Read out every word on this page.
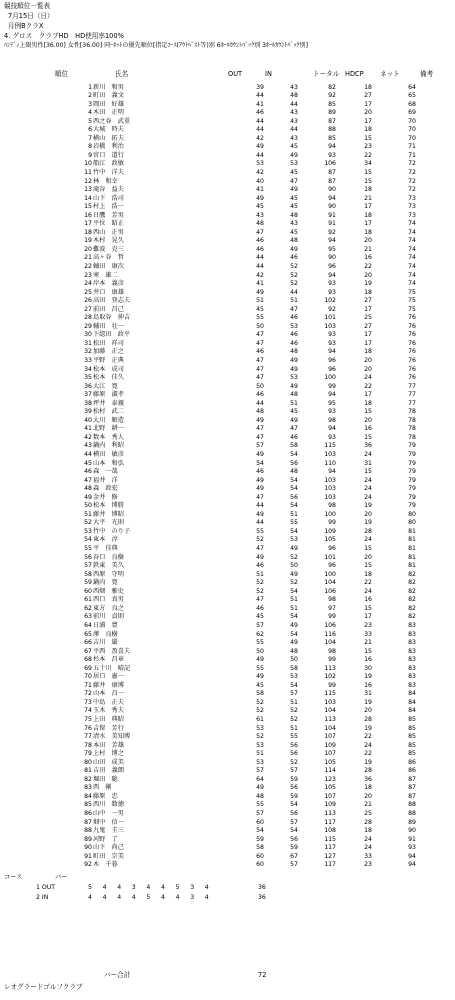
競技順位一覧表
7月15日（日）
月例BクラX
4. グロス　クラブHD　HD使用率100%
ﾊﾝﾃﾞｨ上限男性[36.00] 女性[36.00] 同ｰﾈｯﾄの優先順位[指定ｺｰｽ(ｱｳﾄﾍﾞｽﾄ等)別 6ﾎｰﾙｶｳﾝﾄﾊﾞｯｸ別 3ﾎｰﾙｶｳﾝﾄﾊﾞｯｸ別]
順位	氏名	OUT	IN	トータル HDCP ネット	備考
1 新川　和男	39	43	82	18	64
2 町田　義文	44	48	92	27	65
3 岡田　好雄	41	44	85	17	68
4 木田　正明	46	43	89	20	69
5 西之谷　武重	44	43	87	17	70
6 大城　時夫	44	44	88	18	70
7 横山　拓夫	42	43	85	15	70
8 岩橋　利治	49	45	94	23	71
9 宮口　道行	44	49	93	22	71
10 船江　政敏	53	53	106	34	72
11 竹中　洋夫	42	45	87	15	72
12 林　和幸	40	47	87	15	72
13 滝谷　益夫	41	49	90	18	72
14 山下　浩司	49	45	94	21	73
15 村上　浩一	45	45	90	17	73
16 日鷹　芳男	43	48	91	18	73
17 平位　昭正	48	43	91	17	74
18 西山　正男	47	45	92	18	74
19 木村　晃久	46	48	94	20	74
20 難波　克三	46	49	95	21	74
21 高ヶ谷　哲	44	46	90	16	74
22 輔田　康次	44	52	96	22	74
23 寒　雄二	42	52	94	20	74
24 岸本　義彦	41	52	93	19	74
25 井口　康雄	49	44	93	18	75
26 高田　登志夫	51	51	102	27	75
27 前田　昌己	45	47	92	17	75
28 島取谷　伸吉	55	46	101	25	76
29 輔田　壮一	50	53	103	27	76
30 下綛田　政平	47	46	93	17	76
31 松田　祥司	47	46	93	17	76
32 加藤　正之	46	48	94	18	76
33 平野　正典	47	49	96	20	76
34 松本　成司	47	49	96	20	76
35 松本　佳久	47	53	100	24	76
36 大江　寛	50	49	99	22	77
37 藤原　淑孝	46	48	94	17	77
38 坪井　泰親	44	51	95	18	77
39 松村　武二	48	45	93	15	78
40 大川　順造	49	49	98	20	78
41 北野　耕一	47	47	94	16	78
42 数本　秀人	47	46	93	15	78
43 鍋内　利昭	57	58	115	36	79
44 横田　敏彦	49	54	103	24	79
45 山本　和弘	54	56	110	31	79
46 森　一哉	46	48	94	15	79
47 福井　洋	49	54	103	24	79
48 森　政宏	49	54	103	24	79
49 金井　修	47	56	103	24	79
50 松本　博勝	44	54	98	19	79
51 藤井　博昭	49	51	100	20	80
52 大平　光則	44	55	99	19	80
53 竹中　のり子	55	54	109	28	81
54 東本　淳	52	53	105	24	81
55 平　佳典	47	49	96	15	81
56 谷口　良樹	49	52	101	20	81
57 鉄東　美久	46	50	96	15	81
58 西原　守明	51	49	100	18	82
59 鍋内　寛	52	52	104	22	82
60 西畑　雅史	52	54	106	24	82
61 西口　真男	47	51	98	16	82
62 東方　良之	46	51	97	15	82
63 前川　貞則	45	54	99	17	82
64 日浦　豊	57	49	106	23	83
65 澤　良樹	62	54	116	33	83
66 吉川　嚴	55	49	104	21	83
67 平西　盈喜夫	50	48	98	15	83
68 杉本　昌章	49	50	99	16	83
69 五十川　晴記	55	58	113	30	83
70 居口　憲一	49	53	102	19	83
71 藤井　康博	45	54	99	16	83
72 山本　昌一	58	57	115	31	84
73 中島　正夫	52	51	103	19	84
74 玉木　秀夫	52	52	104	20	84
75 上田　典昭	61	52	113	28	85
76 吉留　芳行	53	51	104	19	85
77 清水　美知博	52	55	107	22	85
78 本田　芳雄	53	56	109	24	85
79 上村　博之	51	56	107	22	85
80 山田　成美	53	52	105	19	86
81 吉田　義朗	57	57	114	28	86
82 堀田　聡	64	59	123	36	87
83 西　剛	49	56	105	18	87
84 藤原　忠	48	59	107	20	87
85 西川　数徳	55	54	109	21	88
86 山中　一男	57	56	113	25	88
87 畑中　信一	60	57	117	28	89
88 九鬼　圭三	54	54	108	18	90
89 河野　了	59	56	115	24	91
90 山下　尚己	58	59	117	24	93
91 町田　宗美	60	67	127	33	94
92 木　千暮	60	57	117	23	94
コース	バー
1 OUT	5 4 4 3 4 4 5 3 4	36
2 IN	4 4 4 4 5 4 4 3 4	36
バー合計	72
レオグラードゴルフクラブ
